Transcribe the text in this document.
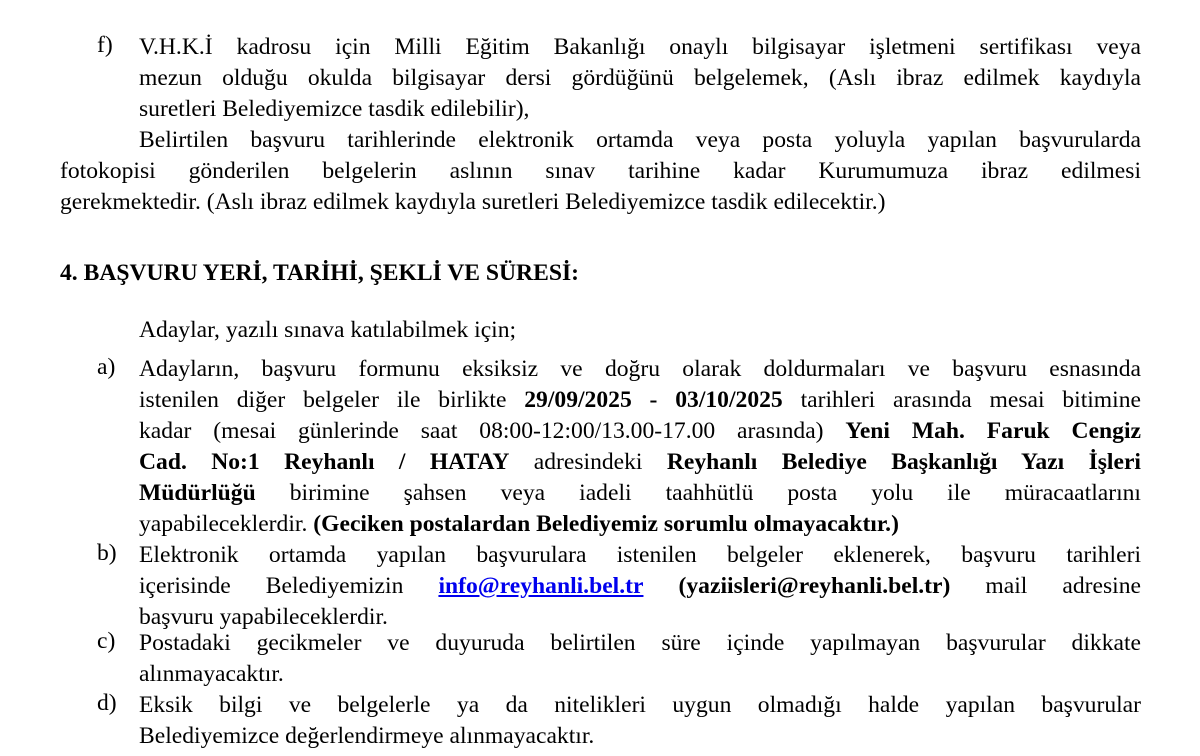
f)	V.H.K.İ kadrosu için Milli Eğitim Bakanlığı onaylı bilgisayar işletmeni sertifikası veya
mezun olduğu okulda bilgisayar dersi gördüğünü belgelemek, (Aslı ibraz edilmek kaydıyla
suretleri Belediyemizce tasdik edilebilir),
Belirtilen başvuru tarihlerinde elektronik ortamda veya posta yoluyla yapılan başvurularda
fotokopisi gönderilen belgelerin aslının sınav tarihine kadar Kurumumuza ibraz edilmesi
gerekmektedir. (Aslı ibraz edilmek kaydıyla suretleri Belediyemizce tasdik edilecektir.)
4. BAŞVURU YERİ, TARİHİ, ŞEKLİ VE SÜRESİ:
Adaylar, yazılı sınava katılabilmek için;
a)	Adayların, başvuru formunu eksiksiz ve doğru olarak doldurmaları ve başvuru esnasında
istenilen diğer belgeler ile birlikte 29/09/2025 - 03/10/2025 tarihleri arasında mesai bitimine
kadar (mesai günlerinde saat 08:00-12:00/13.00-17.00 arasında) Yeni Mah. Faruk Cengiz
Cad. No:1 Reyhanlı / HATAY adresindeki Reyhanlı Belediye Başkanlığı Yazı İşleri
Müdürlüğü birimine şahsen veya iadeli taahhütlü posta yolu ile müracaatlarını
yapabileceklerdir. (Geciken postalardan Belediyemiz sorumlu olmayacaktır.)
b) Elektronik ortamda yapılan başvurulara istenilen belgeler eklenerek, başvuru tarihleri
içerisinde Belediyemizin info@reyhanli.bel.tr (yaziisleri@reyhanli.bel.tr) mail adresine
başvuru yapabileceklerdir.
c)	Postadaki gecikmeler ve duyuruda belirtilen süre içinde yapılmayan başvurular dikkate
alınmayacaktır.
d) Eksik bilgi ve belgelerle ya da nitelikleri uygun olmadığı halde yapılan başvurular
Belediyemizce değerlendirmeye alınmayacaktır.
